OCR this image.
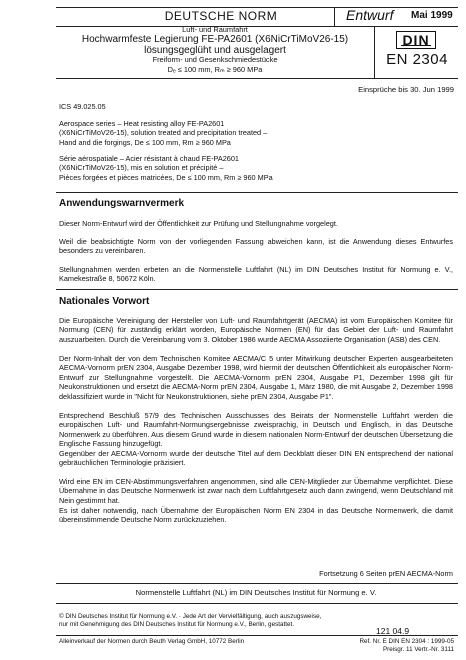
DEUTSCHE NORM	Entwurf Mai 1999
Luft- und Raumfahrt
Hochwarmfeste Legierung FE-PA2601 (X6NiCrTiMoV26-15)
lösungsgeglüht und ausgelagert
Freiform- und Gesenkschmiedestücke
Dₑ ≤ 100 mm, Rₘ ≥ 960 MPa
DIN
EN 2304
Einsprüche bis 30. Jun 1999
ICS 49.025.05
Aerospace series – Heat resisting alloy FE-PA2601
(X6NiCrTiMoV26-15), solution treated and precipitation treated –
Hand and die forgings, De ≤ 100 mm, Rm ≥ 960 MPa
Série aérospatiale – Acier résistant à chaud FE-PA2601
(X6NiCrTiMoV26-15), mis en solution et précipité –
Pièces forgées et pièces matricées, De ≤ 100 mm, Rm ≥ 960 MPa
Anwendungswarnvermerk
Dieser Norm-Entwurf wird der Öffentlichkeit zur Prüfung und Stellungnahme vorgelegt.
Weil die beabsichtigte Norm von der vorliegenden Fassung abweichen kann, ist die Anwendung dieses Entwurfes besonders zu vereinbaren.
Stellungnahmen werden erbeten an die Normenstelle Luftfahrt (NL) im DIN Deutsches Institut für Normung e. V., Kamekestraße 8, 50672 Köln.
Nationales Vorwort
Die Europäische Vereinigung der Hersteller von Luft- und Raumfahrtgerät (AECMA) ist vom Europäischen Komitee für Normung (CEN) für zuständig erklärt worden, Europäische Normen (EN) für das Gebiet der Luft- und Raumfahrt auszuarbeiten. Durch die Vereinbarung vom 3. Oktober 1986 wurde AECMA Assoziierte Organisation (ASB) des CEN.
Der Norm-Inhalt der von dem Technischen Komitee AECMA/C 5 unter Mitwirkung deutscher Experten ausgearbeiteten AECMA-Vornorm prEN 2304, Ausgabe Dezember 1998, wird hiermit der deutschen Öffentlichkeit als europäischer Norm-Entwurf zur Stellungnahme vorgestellt. Die AECMA-Vornorm prEN 2304, Ausgabe P1, Dezember 1998 gilt für Neukonstruktionen und ersetzt die AECMA-Norm prEN 2304, Ausgabe 1, März 1980, die mit Ausgabe 2, Dezember 1998 deklassifiziert wurde in "Nicht für Neukonstruktionen, siehe prEN 2304, Ausgabe P1".
Entsprechend Beschluß 57/9 des Technischen Ausschusses des Beirats der Normenstelle Luftfahrt werden die europäischen Luft- und Raumfahrt-Normungsergebnisse zweisprachig, in Deutsch und Englisch, in das Deutsche Normenwerk zu überführen. Aus diesem Grund wurde in diesem nationalen Norm-Entwurf der deutschen Übersetzung die Englische Fassung hinzugefügt.
Gegenüber der AECMA-Vornorm wurde der deutsche Titel auf dem Deckblatt dieser DIN EN entsprechend der national gebräuchlichen Terminologie präzisiert.
Wird eine EN im CEN-Abstimmungsverfahren angenommen, sind alle CEN-Mitglieder zur Übernahme verpflichtet. Diese Übernahme in das Deutsche Normenwerk ist zwar nach dem Luftfahrtgesetz auch dann zwingend, wenn Deutschland mit Nein gestimmt hat.
Es ist daher notwendig, nach Übernahme der Europäischen Norm EN 2304 in das Deutsche Normenwerk, die damit übereinstimmende Deutsche Norm zurückzuziehen.
Fortsetzung 6 Seiten prEN AECMA-Norm
Normenstelle Luftfahrt (NL) im DIN Deutsches Institut für Normung e. V.
121 04.9
© DIN Deutsches Institut für Normung e.V. · Jede Art der Vervielfältigung, auch auszugsweise,
nur mit Genehmigung des DIN Deutsches Institut für Normung e.V., Berlin, gestattet.
Alleinverkauf der Normen durch Beuth Verlag GmbH, 10772 Berlin	Ref. Nr. E DIN EN 2304 : 1999-05
Preisgr. 11 Vertr.-Nr. 3111
